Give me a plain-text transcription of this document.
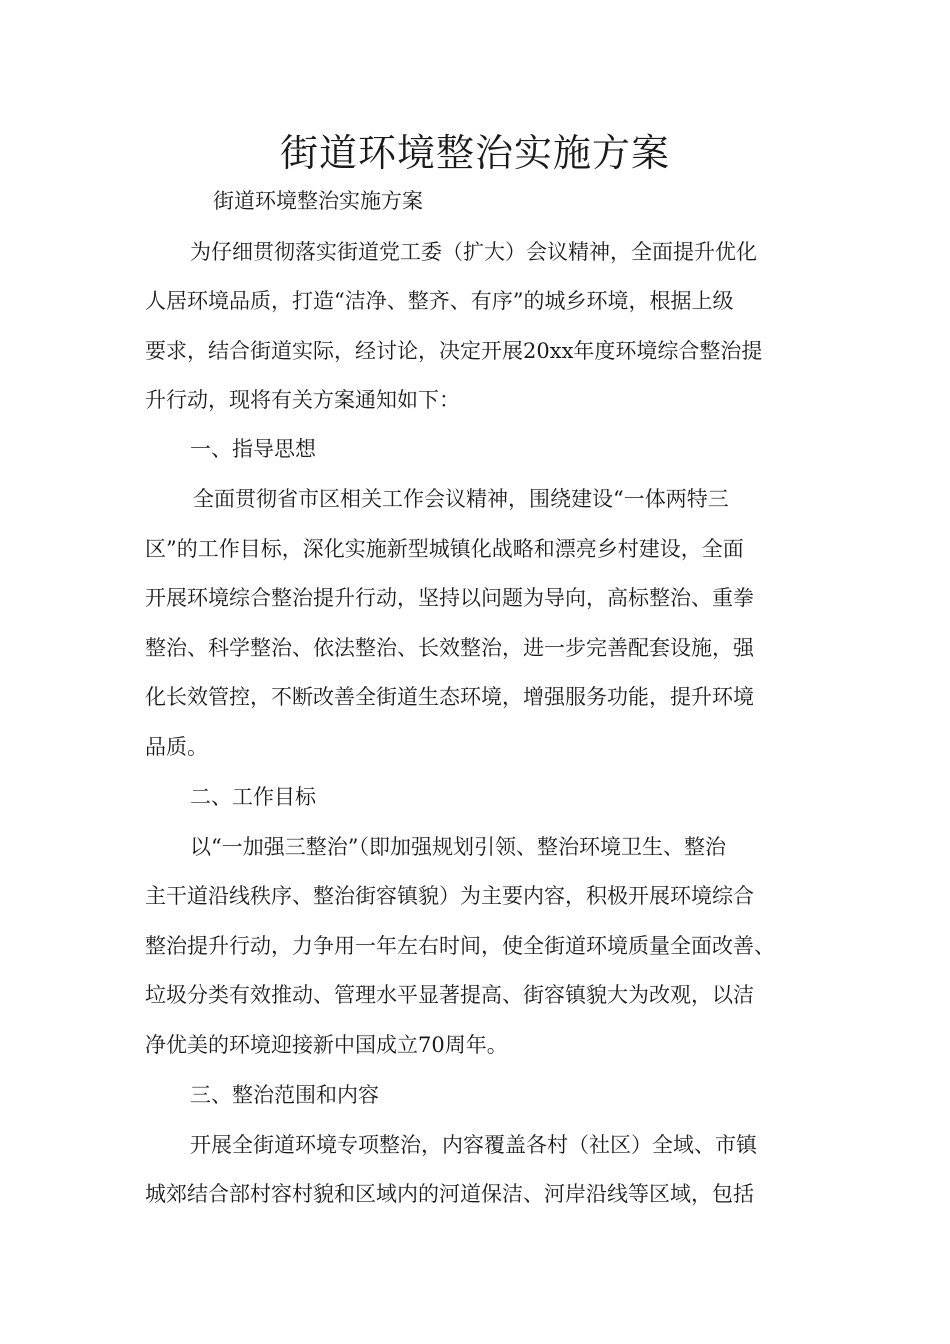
街道环境整治实施方案

街道环境整治实施方案

为仔细贯彻落实街道党工委（扩大）会议精神，全面提升优化

人居环境品质，打造“洁净、整齐、有序”的城乡环境，根据上级

要求，结合街道实际，经讨论，决定开展20xx年度环境综合整治提

升行动，现将有关方案通知如下：

一、指导思想

全面贯彻省市区相关工作会议精神，围绕建设“一体两特三

区”的工作目标，深化实施新型城镇化战略和漂亮乡村建设，全面

开展环境综合整治提升行动，坚持以问题为导向，高标整治、重拳

整治、科学整治、依法整治、长效整治，进一步完善配套设施，强

化长效管控，不断改善全街道生态环境，增强服务功能，提升环境

品质。

二、工作目标

以“一加强三整治”（即加强规划引领、整治环境卫生、整治

主干道沿线秩序、整治街容镇貌）为主要内容，积极开展环境综合

整治提升行动，力争用一年左右时间，使全街道环境质量全面改善、

垃圾分类有效推动、管理水平显著提高、街容镇貌大为改观，以洁

净优美的环境迎接新中国成立70周年。

三、整治范围和内容

开展全街道环境专项整治，内容覆盖各村（社区）全域、市镇

城郊结合部村容村貌和区域内的河道保洁、河岸沿线等区域，包括
